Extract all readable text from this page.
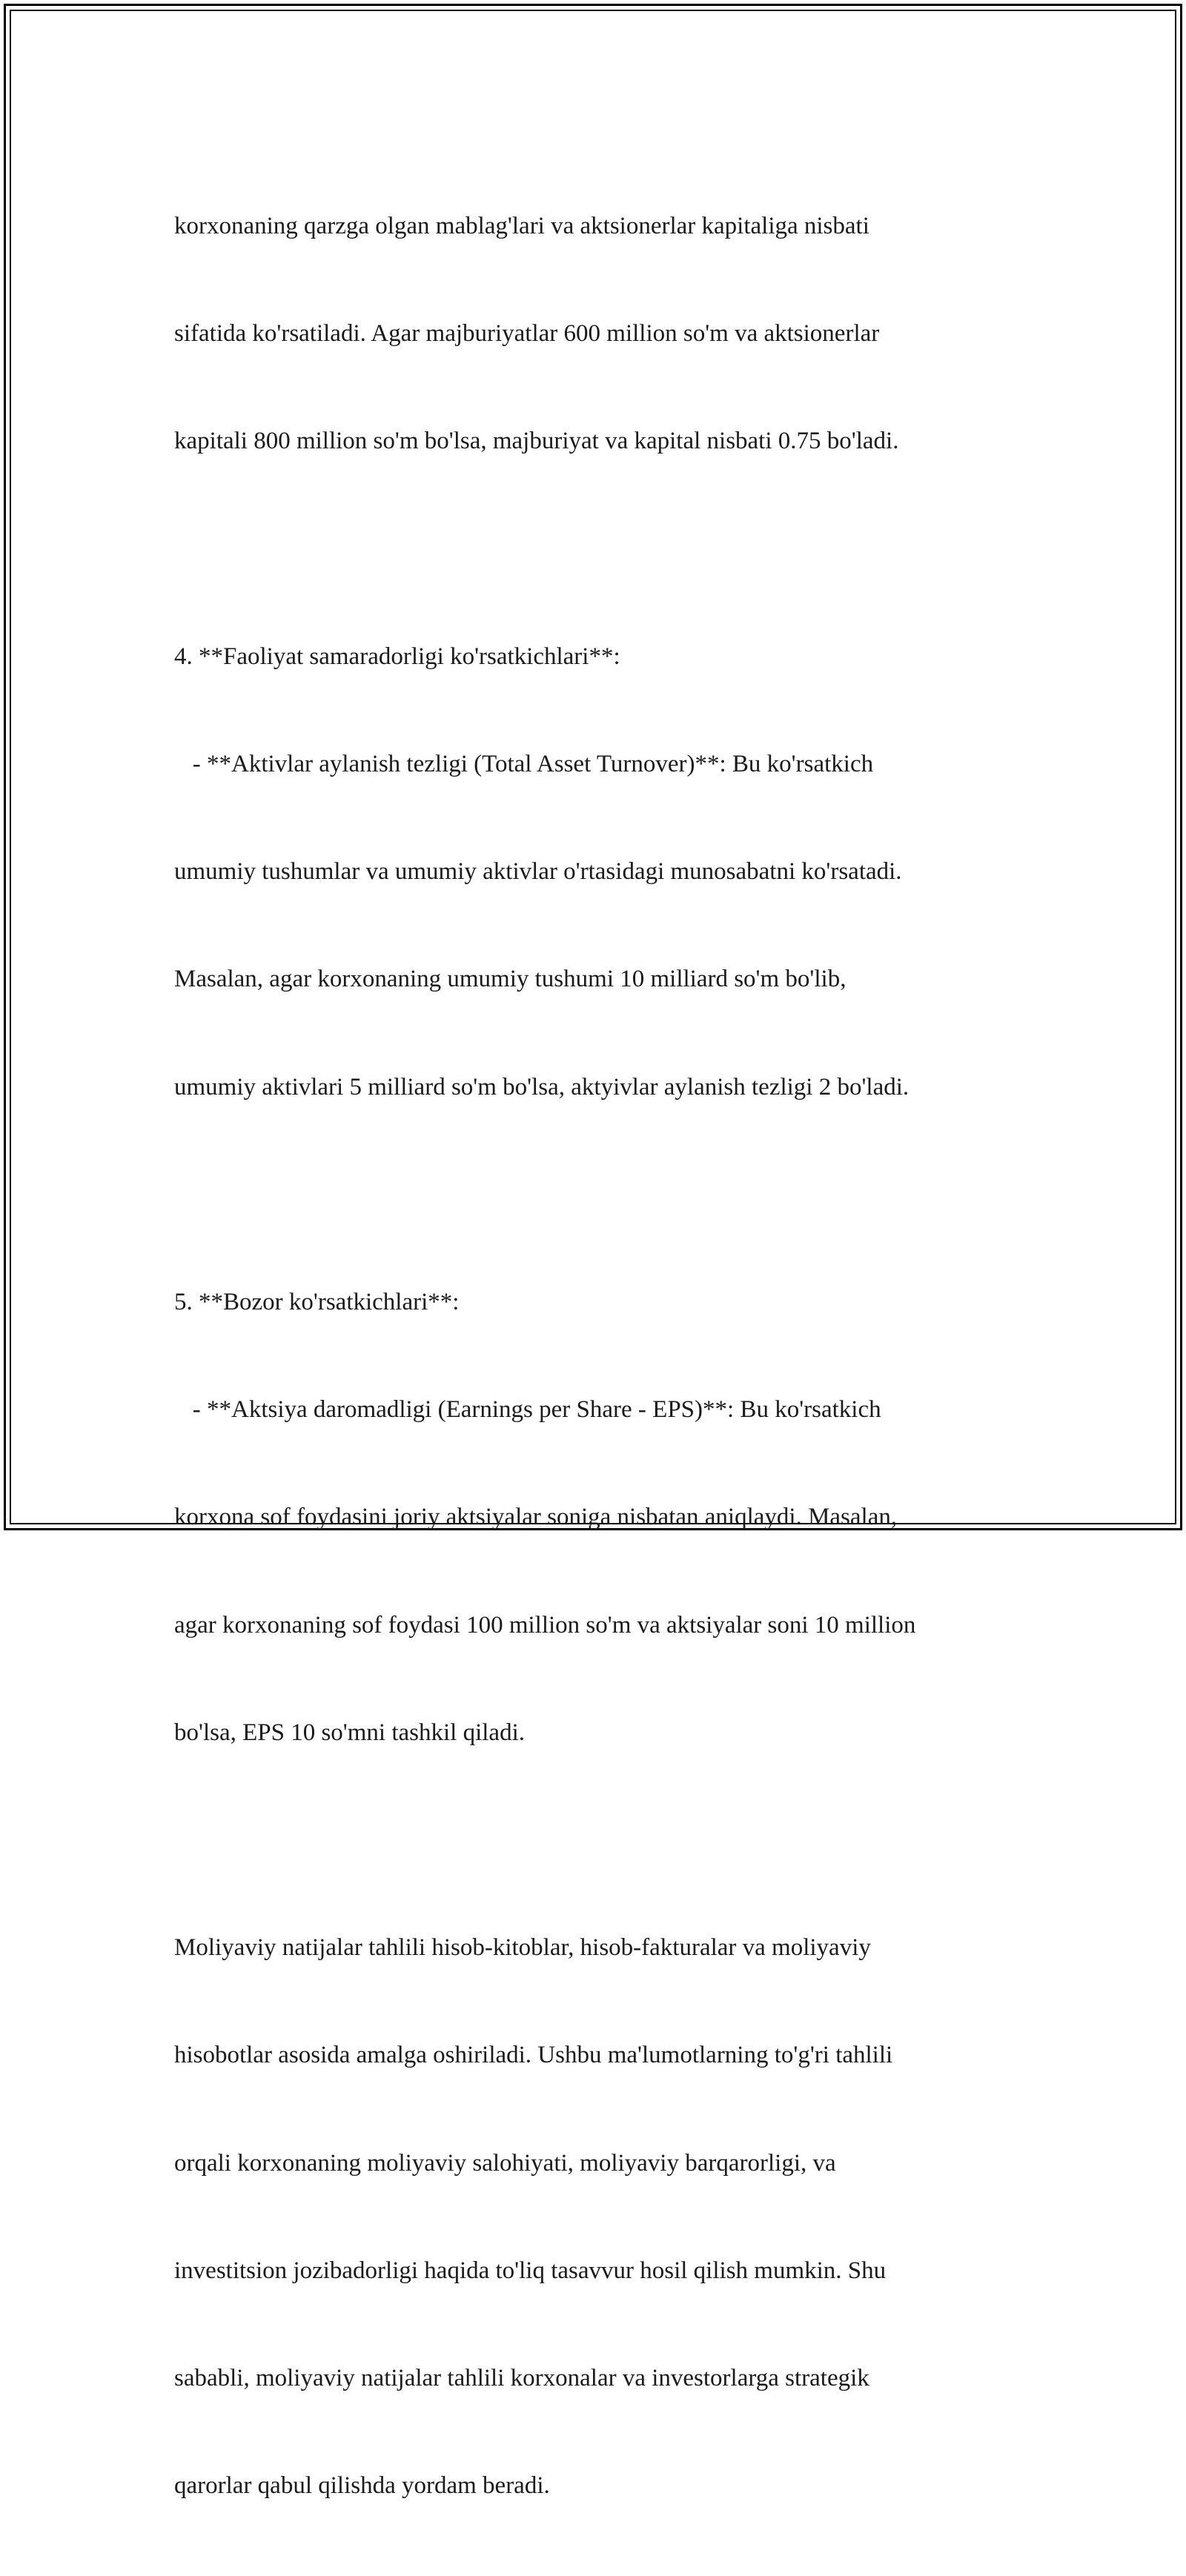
korxonaning qarzga olgan mablag'lari va aktsionerlar kapitaliga nisbati

sifatida ko'rsatiladi. Agar majburiyatlar 600 million so'm va aktsionerlar

kapitali 800 million so'm bo'lsa, majburiyat va kapital nisbati 0.75 bo'ladi.

4. **Faoliyat samaradorligi ko'rsatkichlari**:

- **Aktivlar aylanish tezligi (Total Asset Turnover)**: Bu ko'rsatkich

umumiy tushumlar va umumiy aktivlar o'rtasidagi munosabatni ko'rsatadi.

Masalan, agar korxonaning umumiy tushumi 10 milliard so'm bo'lib,

umumiy aktivlari 5 milliard so'm bo'lsa, aktyivlar aylanish tezligi 2 bo'ladi.

5. **Bozor ko'rsatkichlari**:

- **Aktsiya daromadligi (Earnings per Share - EPS)**: Bu ko'rsatkich

korxona sof foydasini joriy aktsiyalar soniga nisbatan aniqlaydi. Masalan,

agar korxonaning sof foydasi 100 million so'm va aktsiyalar soni 10 million

bo'lsa, EPS 10 so'mni tashkil qiladi.

Moliyaviy natijalar tahlili hisob-kitoblar, hisob-fakturalar va moliyaviy

hisobotlar asosida amalga oshiriladi. Ushbu ma'lumotlarning to'g'ri tahlili

orqali korxonaning moliyaviy salohiyati, moliyaviy barqarorligi, va

investitsion jozibadorligi haqida to'liq tasavvur hosil qilish mumkin. Shu

sababli, moliyaviy natijalar tahlili korxonalar va investorlarga strategik

qarorlar qabul qilishda yordam beradi.
